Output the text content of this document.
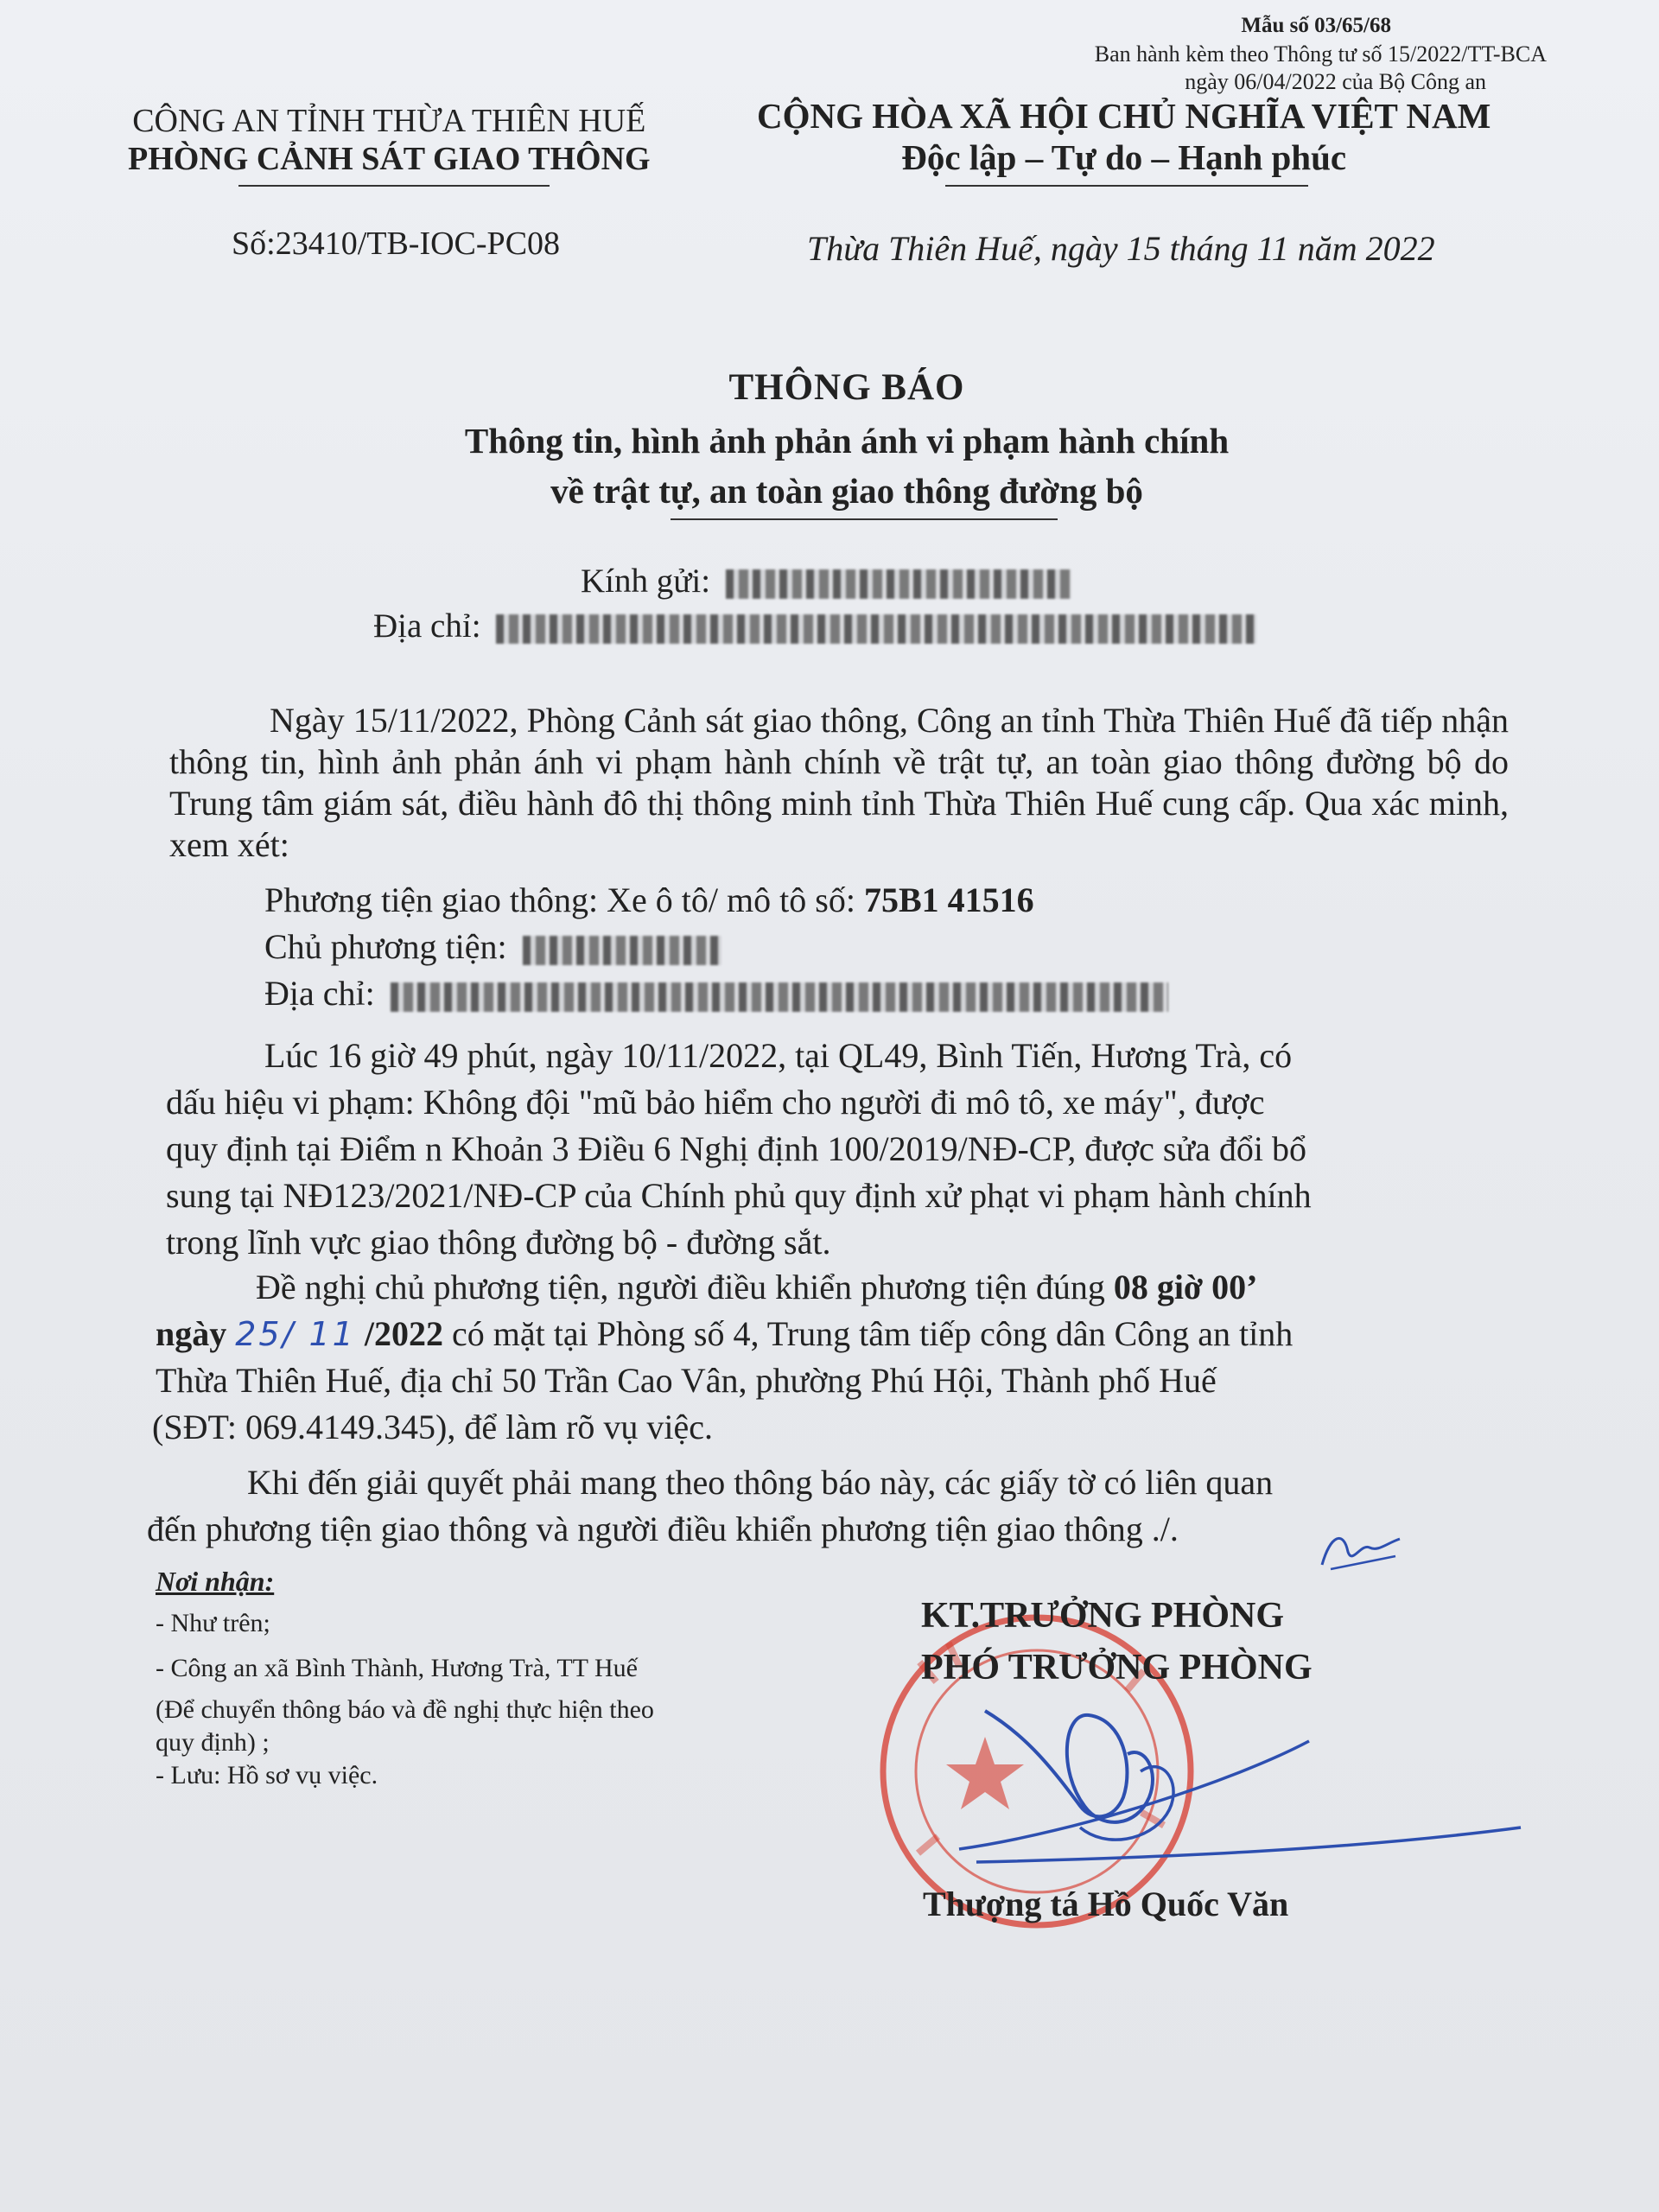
Mẫu số 03/65/68
Ban hành kèm theo Thông tư số 15/2022/TT-BCA
ngày 06/04/2022 của Bộ Công an
CÔNG AN TỈNH THỪA THIÊN HUẾ
PHÒNG CẢNH SÁT GIAO THÔNG
CỘNG HÒA XÃ HỘI CHỦ NGHĨA VIỆT NAM
Độc lập – Tự do – Hạnh phúc
Số:23410/TB-IOC-PC08	Thừa Thiên Huế, ngày 15 tháng 11 năm 2022
THÔNG BÁO
Thông tin, hình ảnh phản ánh vi phạm hành chính
về trật tự, an toàn giao thông đường bộ
Kính gửi:
Địa chỉ:
Ngày 15/11/2022, Phòng Cảnh sát giao thông, Công an tỉnh Thừa Thiên Huế đã tiếp nhận thông tin, hình ảnh phản ánh vi phạm hành chính về trật tự, an toàn giao thông đường bộ do Trung tâm giám sát, điều hành đô thị thông minh tỉnh Thừa Thiên Huế cung cấp. Qua xác minh, xem xét:
Phương tiện giao thông: Xe ô tô/ mô tô số: 75B1 41516
Chủ phương tiện:
Địa chỉ:
Lúc 16 giờ 49 phút, ngày 10/11/2022, tại QL49, Bình Tiến, Hương Trà, có
dấu hiệu vi phạm: Không đội "mũ bảo hiểm cho người đi mô tô, xe máy", được
quy định tại Điểm n Khoản 3 Điều 6 Nghị định 100/2019/NĐ-CP, được sửa đổi bổ
sung tại NĐ123/2021/NĐ-CP của Chính phủ quy định xử phạt vi phạm hành chính
trong lĩnh vực giao thông đường bộ - đường sắt.
Đề nghị chủ phương tiện, người điều khiển phương tiện đúng 08 giờ 00’
ngày 25/ 11 /2022 có mặt tại Phòng số 4, Trung tâm tiếp công dân Công an tỉnh
Thừa Thiên Huế, địa chỉ 50 Trần Cao Vân, phường Phú Hội, Thành phố Huế
(SĐT: 069.4149.345), để làm rõ vụ việc.
Khi đến giải quyết phải mang theo thông báo này, các giấy tờ có liên quan
đến phương tiện giao thông và người điều khiển phương tiện giao thông ./.
Nơi nhận:
- Như trên;
- Công an xã Bình Thành, Hương Trà, TT Huế
(Để chuyển thông báo và đề nghị thực hiện theo
quy định) ;
- Lưu: Hồ sơ vụ việc.
KT.TRƯỞNG PHÒNG
PHÓ TRƯỞNG PHÒNG
Thượng tá Hồ Quốc Văn
